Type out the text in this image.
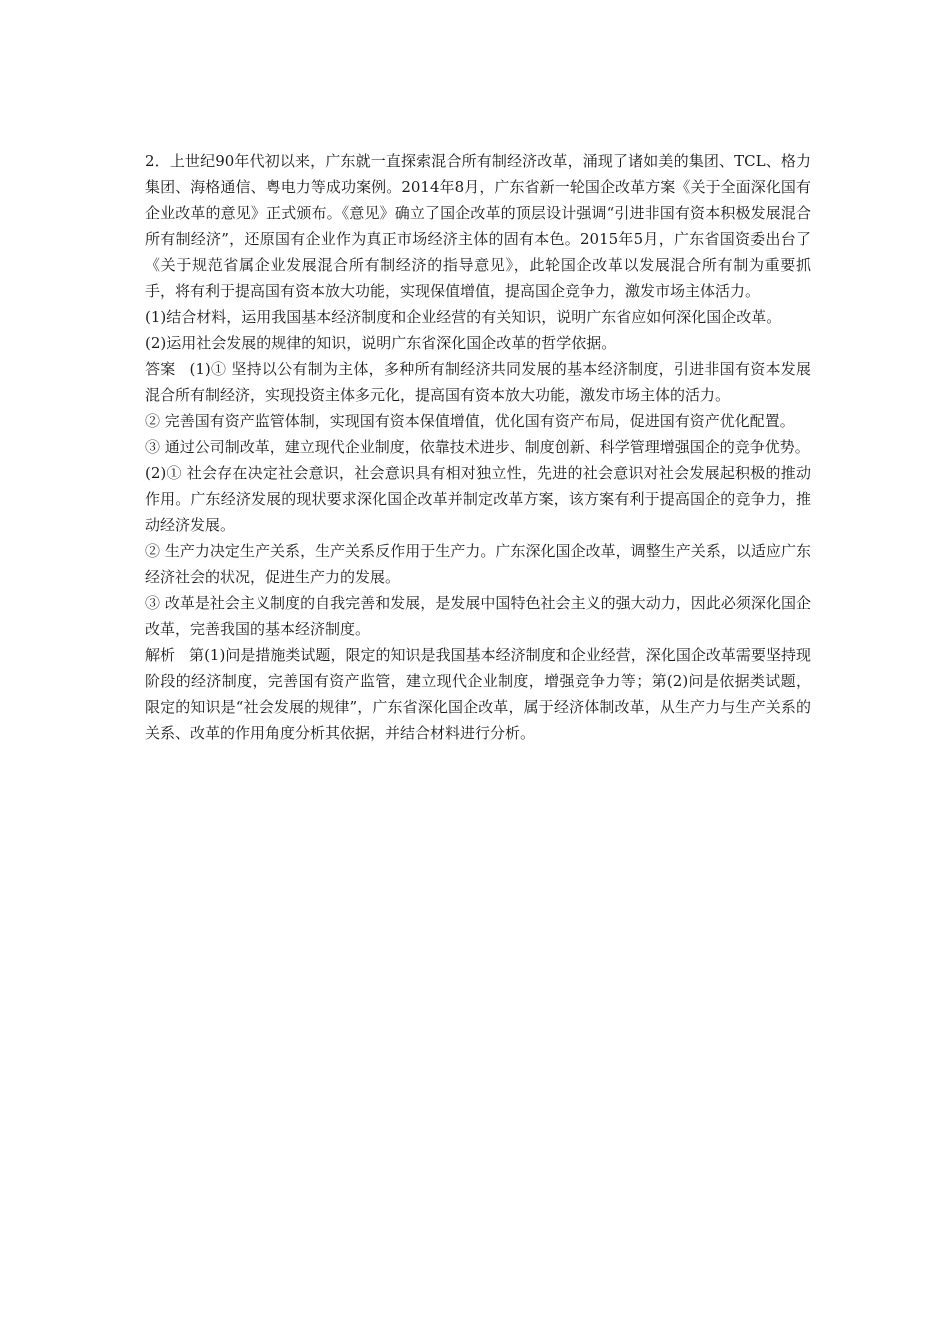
2．上世纪90年代初以来，广东就一直探索混合所有制经济改革，涌现了诸如美的集团、TCL、格力集团、海格通信、粤电力等成功案例。2014年8月，广东省新一轮国企改革方案《关于全面深化国有企业改革的意见》正式颁布。《意见》确立了国企改革的顶层设计强调“引进非国有资本积极发展混合所有制经济”，还原国有企业作为真正市场经济主体的固有本色。2015年5月，广东省国资委出台了《关于规范省属企业发展混合所有制经济的指导意见》，此轮国企改革以发展混合所有制为重要抓手，将有利于提高国有资本放大功能，实现保值增值，提高国企竞争力，激发市场主体活力。

(1)结合材料，运用我国基本经济制度和企业经营的有关知识，说明广东省应如何深化国企改革。

(2)运用社会发展的规律的知识，说明广东省深化国企改革的哲学依据。

答案 (1)① 坚持以公有制为主体，多种所有制经济共同发展的基本经济制度，引进非国有资本发展混合所有制经济，实现投资主体多元化，提高国有资本放大功能，激发市场主体的活力。

② 完善国有资产监管体制，实现国有资本保值增值，优化国有资产布局，促进国有资产优化配置。

③ 通过公司制改革，建立现代企业制度，依靠技术进步、制度创新、科学管理增强国企的竞争优势。

(2)① 社会存在决定社会意识，社会意识具有相对独立性，先进的社会意识对社会发展起积极的推动作用。广东经济发展的现状要求深化国企改革并制定改革方案，该方案有利于提高国企的竞争力，推动经济发展。

② 生产力决定生产关系，生产关系反作用于生产力。广东深化国企改革，调整生产关系，以适应广东经济社会的状况，促进生产力的发展。

③ 改革是社会主义制度的自我完善和发展，是发展中国特色社会主义的强大动力，因此必须深化国企改革，完善我国的基本经济制度。

解析 第(1)问是措施类试题，限定的知识是我国基本经济制度和企业经营，深化国企改革需要坚持现阶段的经济制度，完善国有资产监管，建立现代企业制度，增强竞争力等；第(2)问是依据类试题，限定的知识是“社会发展的规律”，广东省深化国企改革，属于经济体制改革，从生产力与生产关系的关系、改革的作用角度分析其依据，并结合材料进行分析。
